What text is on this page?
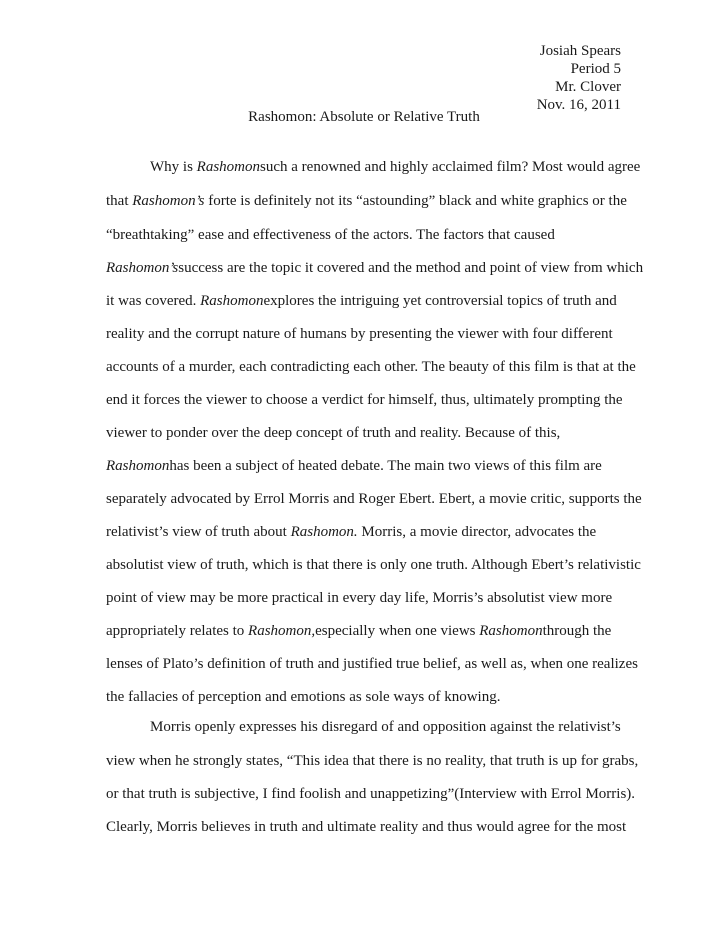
Josiah Spears
Period 5
Mr. Clover
Nov. 16, 2011
Rashomon: Absolute or Relative Truth
Why is Rashomonsuch a renowned and highly acclaimed film? Most would agree
that Rashomon’s forte is definitely not its “astounding” black and white graphics or the
“breathtaking” ease and effectiveness of the actors. The factors that caused
Rashomon’ssuccess are the topic it covered and the method and point of view from which
it was covered. Rashomonexplores the intriguing yet controversial topics of truth and
reality and the corrupt nature of humans by presenting the viewer with four different
accounts of a murder, each contradicting each other. The beauty of this film is that at the
end it forces the viewer to choose a verdict for himself, thus, ultimately prompting the
viewer to ponder over the deep concept of truth and reality. Because of this,
Rashomonhas been a subject of heated debate. The main two views of this film are
separately advocated by Errol Morris and Roger Ebert. Ebert, a movie critic, supports the
relativist’s view of truth about Rashomon. Morris, a movie director, advocates the
absolutist view of truth, which is that there is only one truth. Although Ebert’s relativistic
point of view may be more practical in every day life, Morris’s absolutist view more
appropriately relates to Rashomon,especially when one views Rashomonthrough the
lenses of Plato’s definition of truth and justified true belief, as well as, when one realizes
the fallacies of perception and emotions as sole ways of knowing.
Morris openly expresses his disregard of and opposition against the relativist’s
view when he strongly states, “This idea that there is no reality, that truth is up for grabs,
or that truth is subjective, I find foolish and unappetizing”(Interview with Errol Morris).
Clearly, Morris believes in truth and ultimate reality and thus would agree for the most
